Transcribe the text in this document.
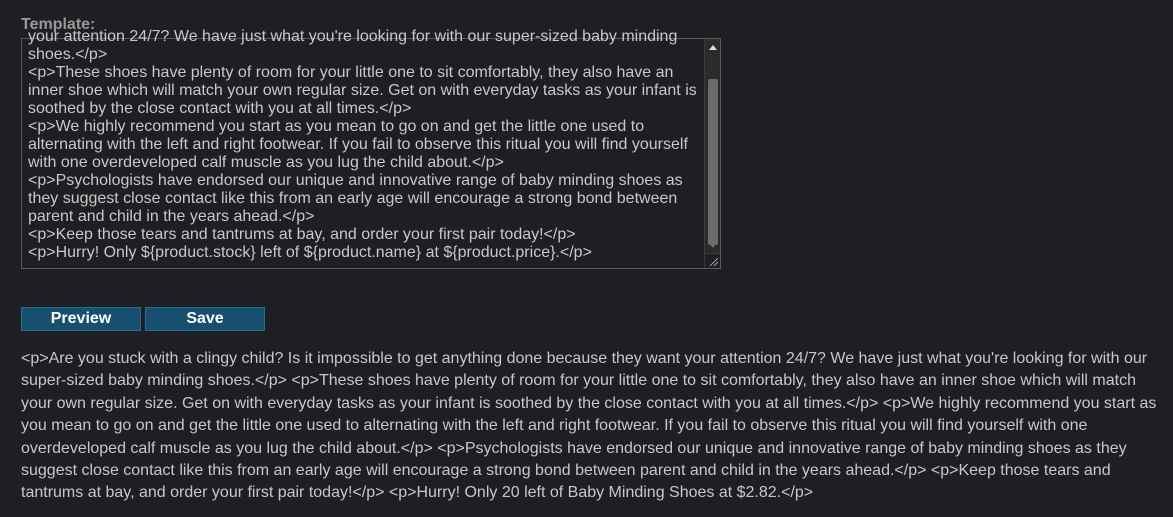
Template:
your attention 24/7? We have just what you're looking for with our super-sized baby minding
shoes.</p>
<p>These shoes have plenty of room for your little one to sit comfortably, they also have an
inner shoe which will match your own regular size. Get on with everyday tasks as your infant is
soothed by the close contact with you at all times.</p>
<p>We highly recommend you start as you mean to go on and get the little one used to
alternating with the left and right footwear. If you fail to observe this ritual you will find yourself
with one overdeveloped calf muscle as you lug the child about.</p>
<p>Psychologists have endorsed our unique and innovative range of baby minding shoes as
they suggest close contact like this from an early age will encourage a strong bond between
parent and child in the years ahead.</p>
<p>Keep those tears and tantrums at bay, and order your first pair today!</p>
<p>Hurry! Only ${product.stock} left of ${product.name} at ${product.price}.</p>
Preview	Save
<p>Are you stuck with a clingy child? Is it impossible to get anything done because they want your attention 24/7? We have just what you're looking for with our
super-sized baby minding shoes.</p> <p>These shoes have plenty of room for your little one to sit comfortably, they also have an inner shoe which will match
your own regular size. Get on with everyday tasks as your infant is soothed by the close contact with you at all times.</p> <p>We highly recommend you start as
you mean to go on and get the little one used to alternating with the left and right footwear. If you fail to observe this ritual you will find yourself with one
overdeveloped calf muscle as you lug the child about.</p> <p>Psychologists have endorsed our unique and innovative range of baby minding shoes as they
suggest close contact like this from an early age will encourage a strong bond between parent and child in the years ahead.</p> <p>Keep those tears and
tantrums at bay, and order your first pair today!</p> <p>Hurry! Only 20 left of Baby Minding Shoes at $2.82.</p>
